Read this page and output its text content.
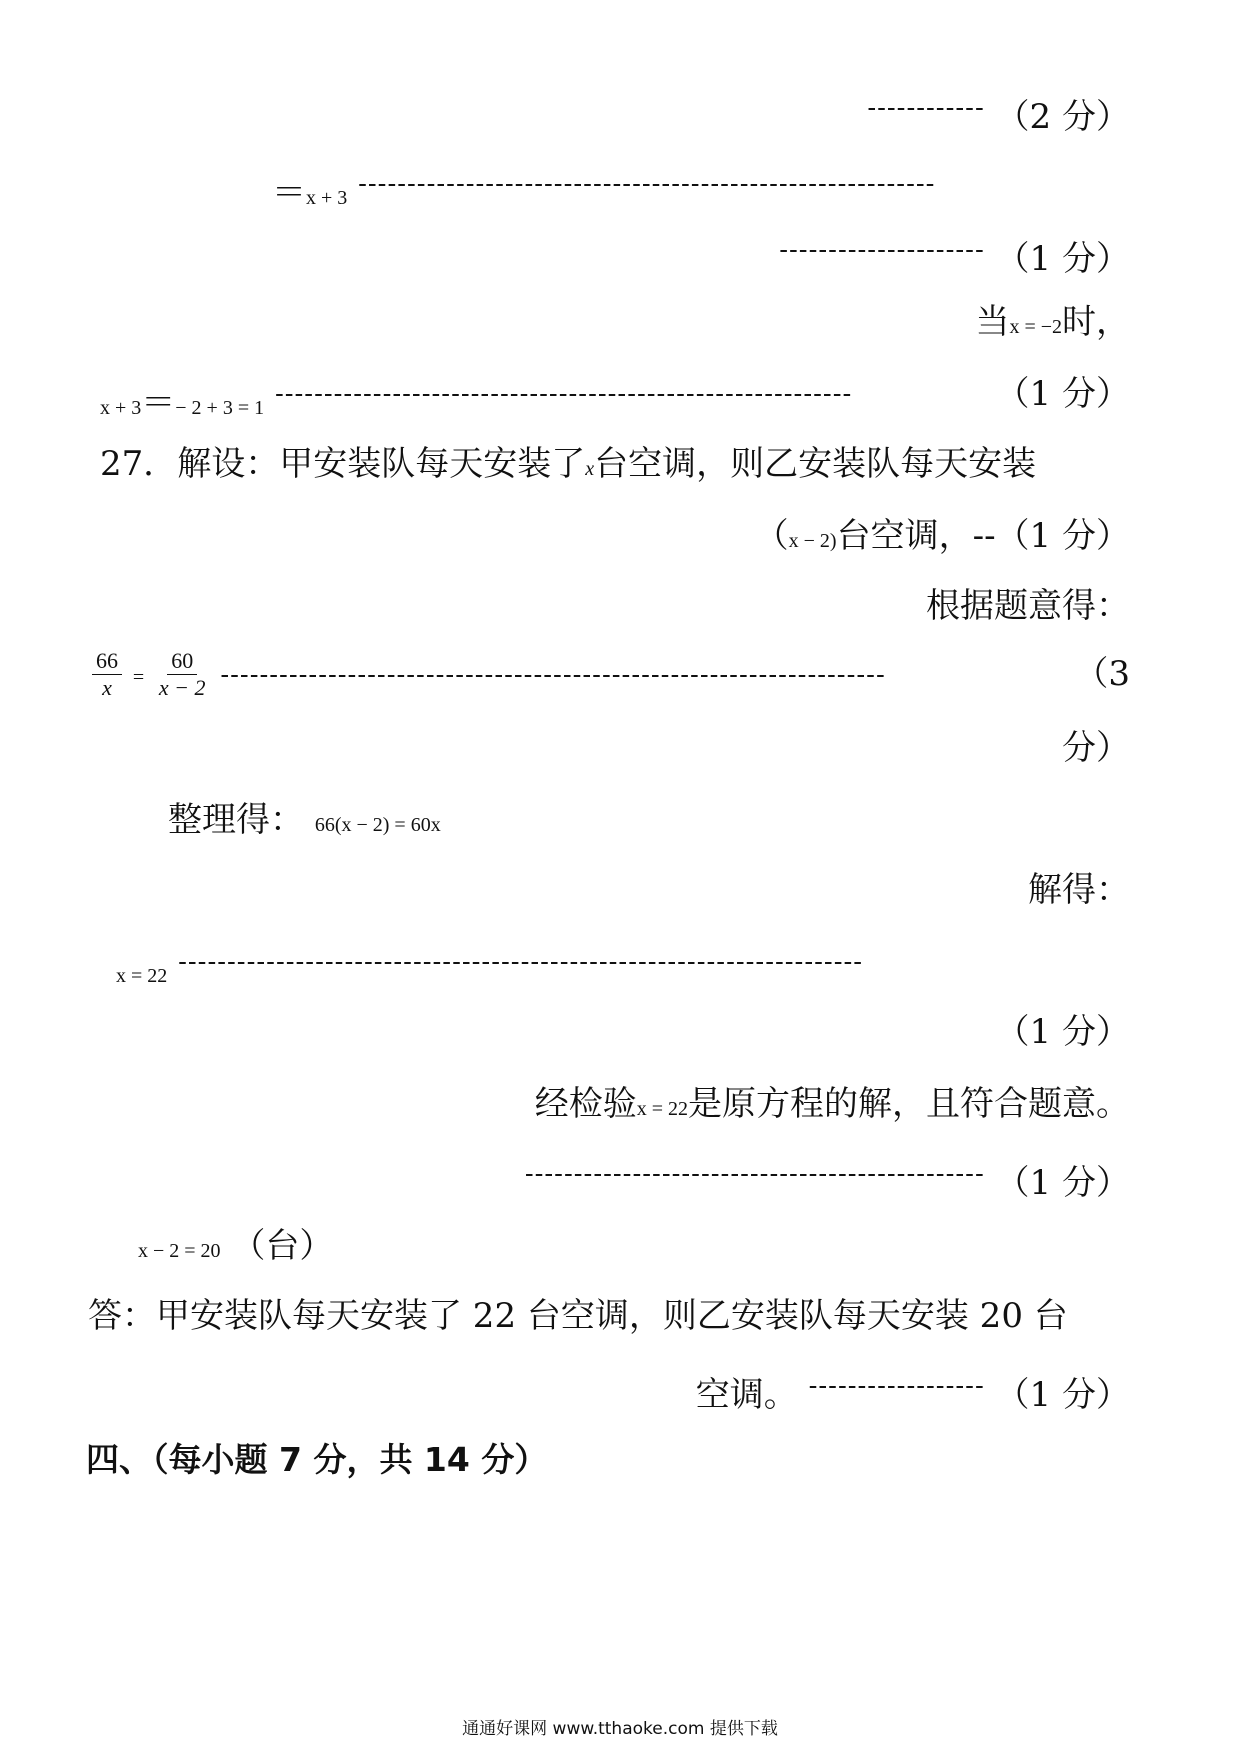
------------ （2 分）
＝x + 3 -----------------------------------------------------------
--------------------- （1 分）
当x = −2时，
x + 3＝− 2 + 3 = 1 -----------------------------------------------------------	（1 分）
27．解设：甲安装队每天安装了x台空调，则乙安装队每天安装
（x − 2)台空调，--（1 分）
根据题意得：
$\frac{66}{x} = \frac{60}{x - 2}$ --------------------------------------------------------------------	（3
分）
整理得： 66(x − 2) = 60x
解得：
x = 22 ----------------------------------------------------------------------
（1 分）
经检验x = 22是原方程的解，且符合题意。
----------------------------------------------- （1 分）
x − 2 = 20 （台）
答：甲安装队每天安装了 22 台空调，则乙安装队每天安装 20 台
空调。 ------------------ （1 分）
四、（每小题 7 分，共 14 分）
通通好课网 www.tthaoke.com 提供下载
